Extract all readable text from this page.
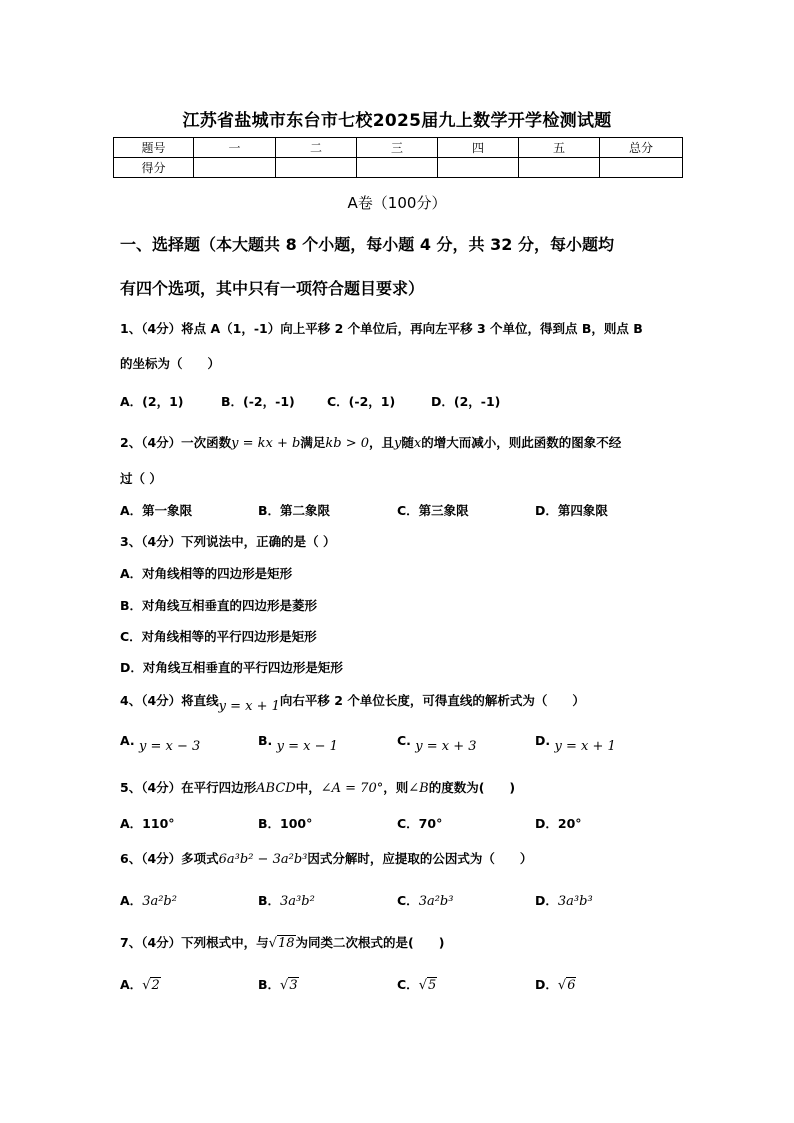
江苏省盐城市东台市七校2025届九上数学开学检测试题
题号	一	二	三	四	五	总分
得分						
A卷（100分）
一、选择题（本大题共 8 个小题，每小题 4 分，共 32 分，每小题均
有四个选项，其中只有一项符合题目要求）
1、（4分）将点 A（1，-1）向上平移 2 个单位后，再向左平移 3 个单位，得到点 B，则点 B
的坐标为（　　）
A．(2，1)	B．(-2，-1)	C．(-2，1)	D．(2，-1)
2、（4分）一次函数y = kx + b满足kb > 0，且y随x的增大而减小，则此函数的图象不经
过（ ）
A．第一象限	B．第二象限	C．第三象限	D．第四象限
3、（4分）下列说法中，正确的是（ ）
A．对角线相等的四边形是矩形
B．对角线互相垂直的四边形是菱形
C．对角线相等的平行四边形是矩形
D．对角线互相垂直的平行四边形是矩形
4、（4分）将直线y = x + 1向右平移 2 个单位长度，可得直线的解析式为（　　）
A. y = x − 3	B. y = x − 1	C. y = x + 3	D. y = x + 1
5、（4分）在平行四边形ABCD中，∠A = 70°，则∠B的度数为(　　)
A．110°	B．100°	C．70°	D．20°
6、（4分）多项式6a³b² − 3a²b³因式分解时，应提取的公因式为（　　）
A．3a²b²	B．3a³b²	C．3a²b³	D．3a³b³
7、（4分）下列根式中，与√18为同类二次根式的是(　　)
A．√2	B．√3	C．√5	D．√6
